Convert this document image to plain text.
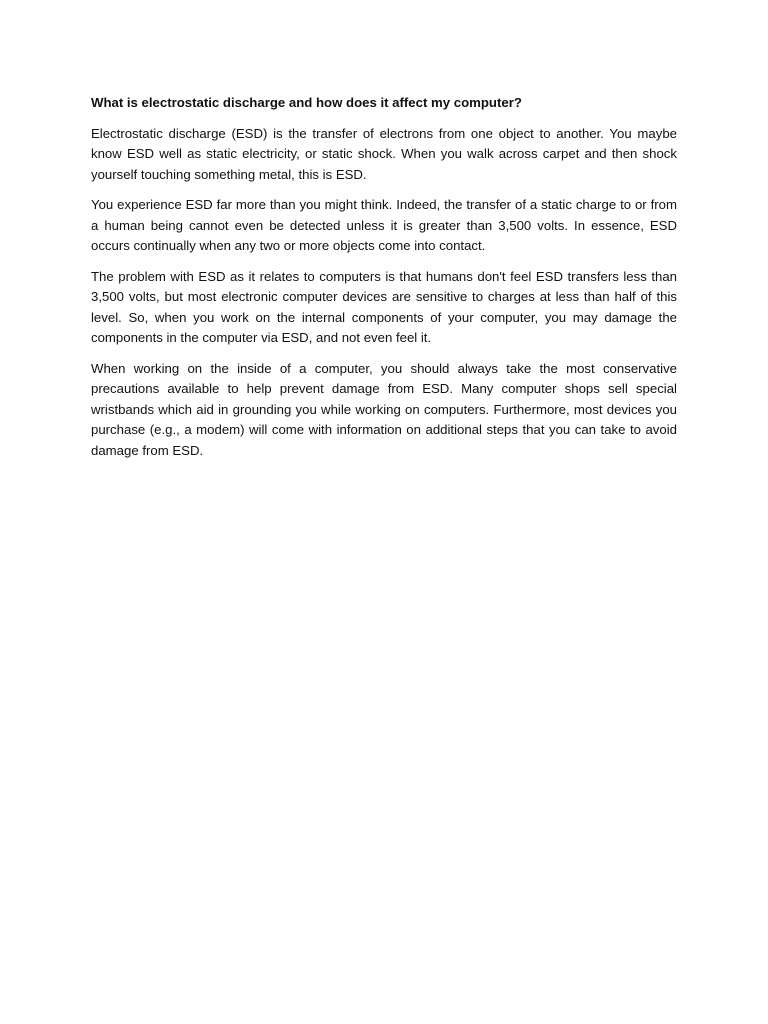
What is electrostatic discharge and how does it affect my computer?

Electrostatic discharge (ESD) is the transfer of electrons from one object to another. You maybe know ESD well as static electricity, or static shock. When you walk across carpet and then shock yourself touching something metal, this is ESD.

You experience ESD far more than you might think. Indeed, the transfer of a static charge to or from a human being cannot even be detected unless it is greater than 3,500 volts. In essence, ESD occurs continually when any two or more objects come into contact.

The problem with ESD as it relates to computers is that humans don't feel ESD transfers less than 3,500 volts, but most electronic computer devices are sensitive to charges at less than half of this level. So, when you work on the internal components of your computer, you may damage the components in the computer via ESD, and not even feel it.

When working on the inside of a computer, you should always take the most conservative precautions available to help prevent damage from ESD. Many computer shops sell special wristbands which aid in grounding you while working on computers. Furthermore, most devices you purchase (e.g., a modem) will come with information on additional steps that you can take to avoid damage from ESD.
